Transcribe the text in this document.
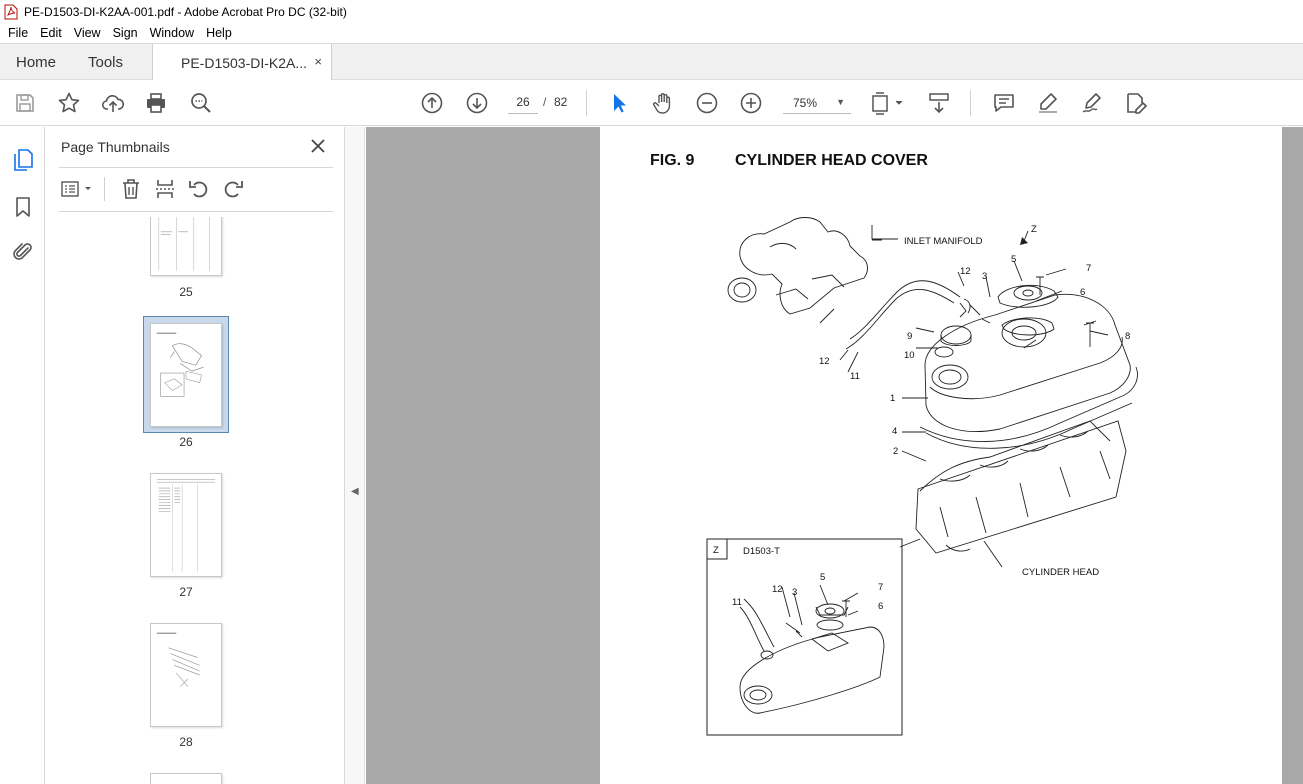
PE-D1503-DI-K2AA-001.pdf - Adobe Acrobat Pro DC (32-bit)
File Edit View Sign Window Help
Home Tools	PE-D1503-DI-K2A... ×
26	/ 82	75% ▼
Page Thumbnails
25
26
27
28
◀
FIG. 9	CYLINDER HEAD COVER
INLET MANIFOLD
Z
12 3
5
7
6
9
10
8
12
11
1
4
2
CYLINDER HEAD
Z	D1503-T
12 3
5
7
6
11
